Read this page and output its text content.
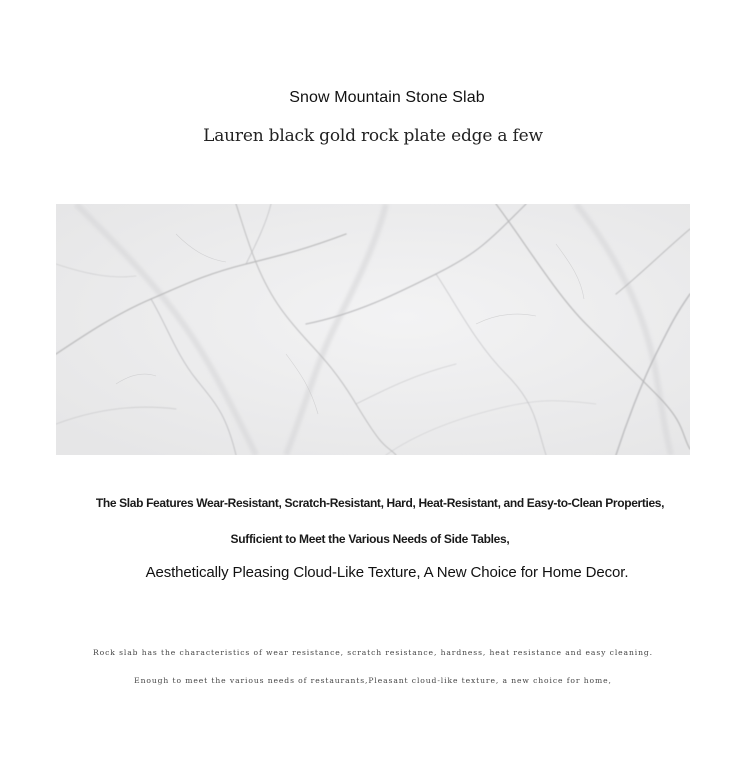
Snow Mountain Stone Slab
Lauren black gold rock plate edge a few
The Slab Features Wear-Resistant, Scratch-Resistant, Hard, Heat-Resistant, and Easy-to-Clean Properties,
Sufficient to Meet the Various Needs of Side Tables,
Aesthetically Pleasing Cloud-Like Texture, A New Choice for Home Decor.
Rock slab has the characteristics of wear resistance, scratch resistance, hardness, heat resistance and easy cleaning.
Enough to meet the various needs of restaurants,Pleasant cloud-like texture, a new choice for home,
